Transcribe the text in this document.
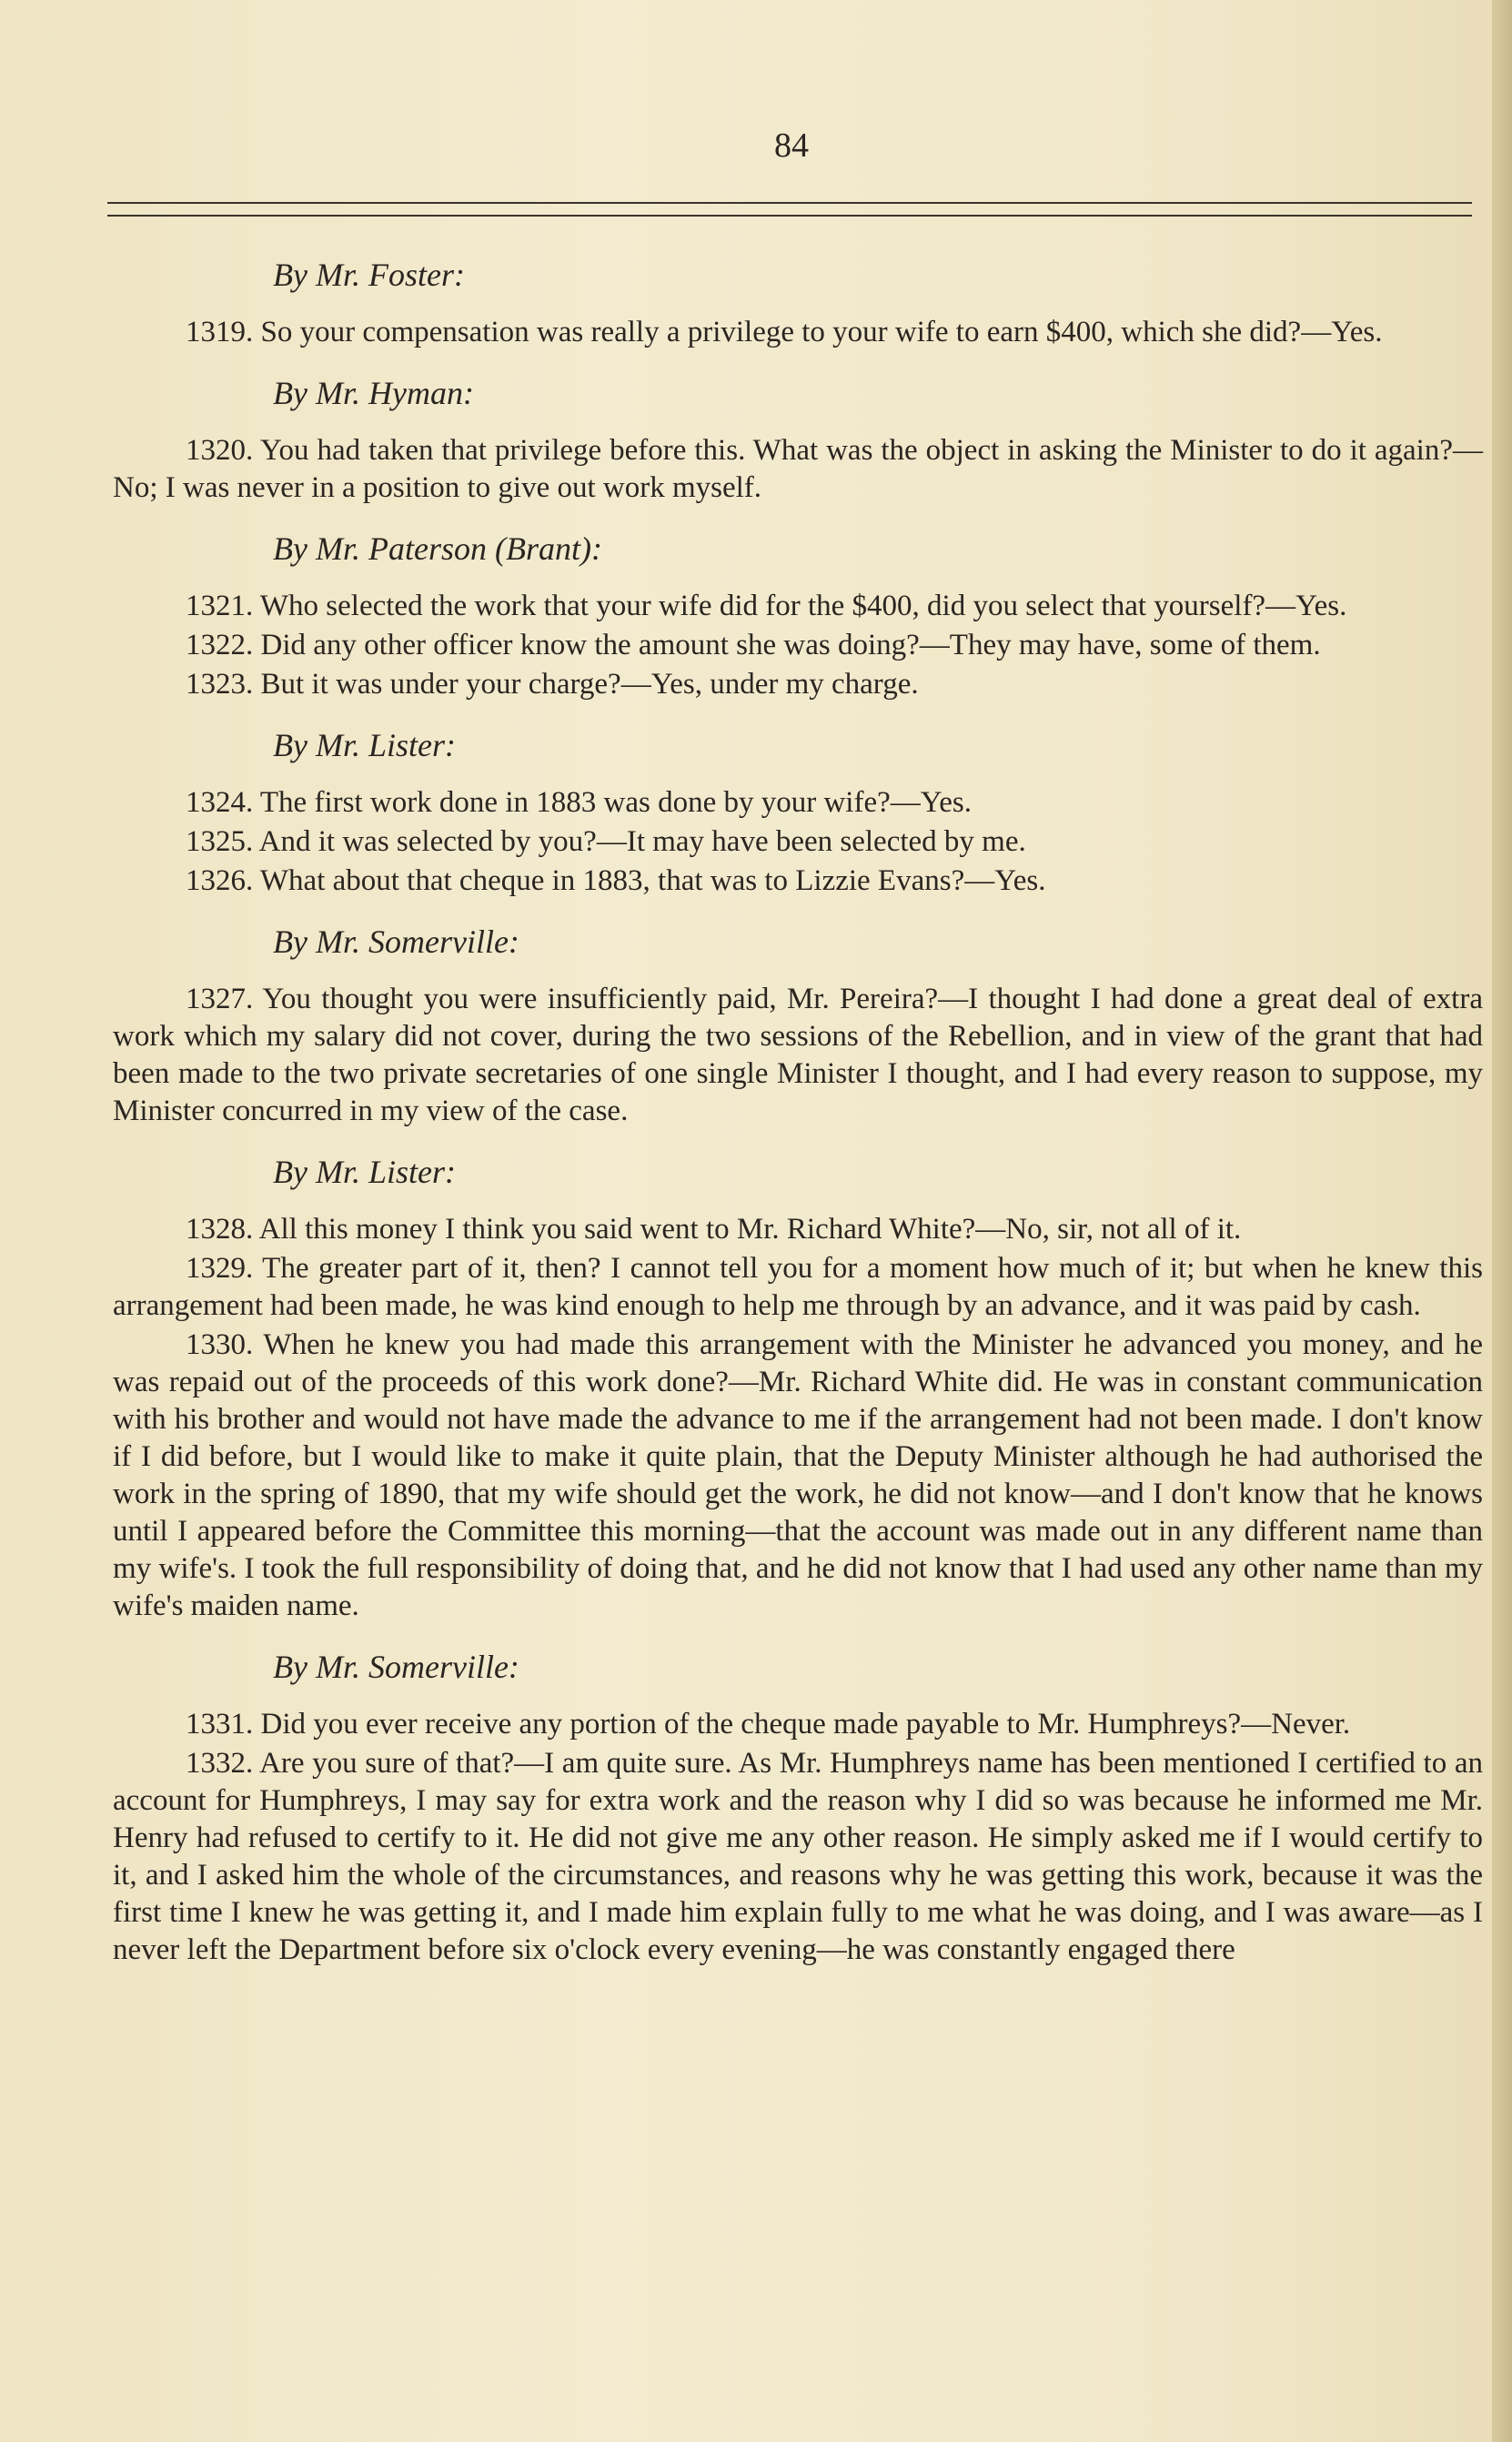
84
By Mr. Foster:

1319. So your compensation was really a privilege to your wife to earn $400, which she did?—Yes.

By Mr. Hyman:

1320. You had taken that privilege before this. What was the object in asking the Minister to do it again?—No; I was never in a position to give out work myself.

By Mr. Paterson (Brant):

1321. Who selected the work that your wife did for the $400, did you select that yourself?—Yes.

1322. Did any other officer know the amount she was doing?—They may have, some of them.

1323. But it was under your charge?—Yes, under my charge.

By Mr. Lister:

1324. The first work done in 1883 was done by your wife?—Yes.

1325. And it was selected by you?—It may have been selected by me.

1326. What about that cheque in 1883, that was to Lizzie Evans?—Yes.

By Mr. Somerville:

1327. You thought you were insufficiently paid, Mr. Pereira?—I thought I had done a great deal of extra work which my salary did not cover, during the two sessions of the Rebellion, and in view of the grant that had been made to the two private secretaries of one single Minister I thought, and I had every reason to suppose, my Minister concurred in my view of the case.

By Mr. Lister:

1328. All this money I think you said went to Mr. Richard White?—No, sir, not all of it.

1329. The greater part of it, then? I cannot tell you for a moment how much of it; but when he knew this arrangement had been made, he was kind enough to help me through by an advance, and it was paid by cash.

1330. When he knew you had made this arrangement with the Minister he advanced you money, and he was repaid out of the proceeds of this work done?—Mr. Richard White did. He was in constant communication with his brother and would not have made the advance to me if the arrangement had not been made. I don't know if I did before, but I would like to make it quite plain, that the Deputy Minister although he had authorised the work in the spring of 1890, that my wife should get the work, he did not know—and I don't know that he knows until I appeared before the Committee this morning—that the account was made out in any different name than my wife's. I took the full responsibility of doing that, and he did not know that I had used any other name than my wife's maiden name.

By Mr. Somerville:

1331. Did you ever receive any portion of the cheque made payable to Mr. Humphreys?—Never.

1332. Are you sure of that?—I am quite sure. As Mr. Humphreys name has been mentioned I certified to an account for Humphreys, I may say for extra work and the reason why I did so was because he informed me Mr. Henry had refused to certify to it. He did not give me any other reason. He simply asked me if I would certify to it, and I asked him the whole of the circumstances, and reasons why he was getting this work, because it was the first time I knew he was getting it, and I made him explain fully to me what he was doing, and I was aware—as I never left the Department before six o'clock every evening—he was constantly engaged there
